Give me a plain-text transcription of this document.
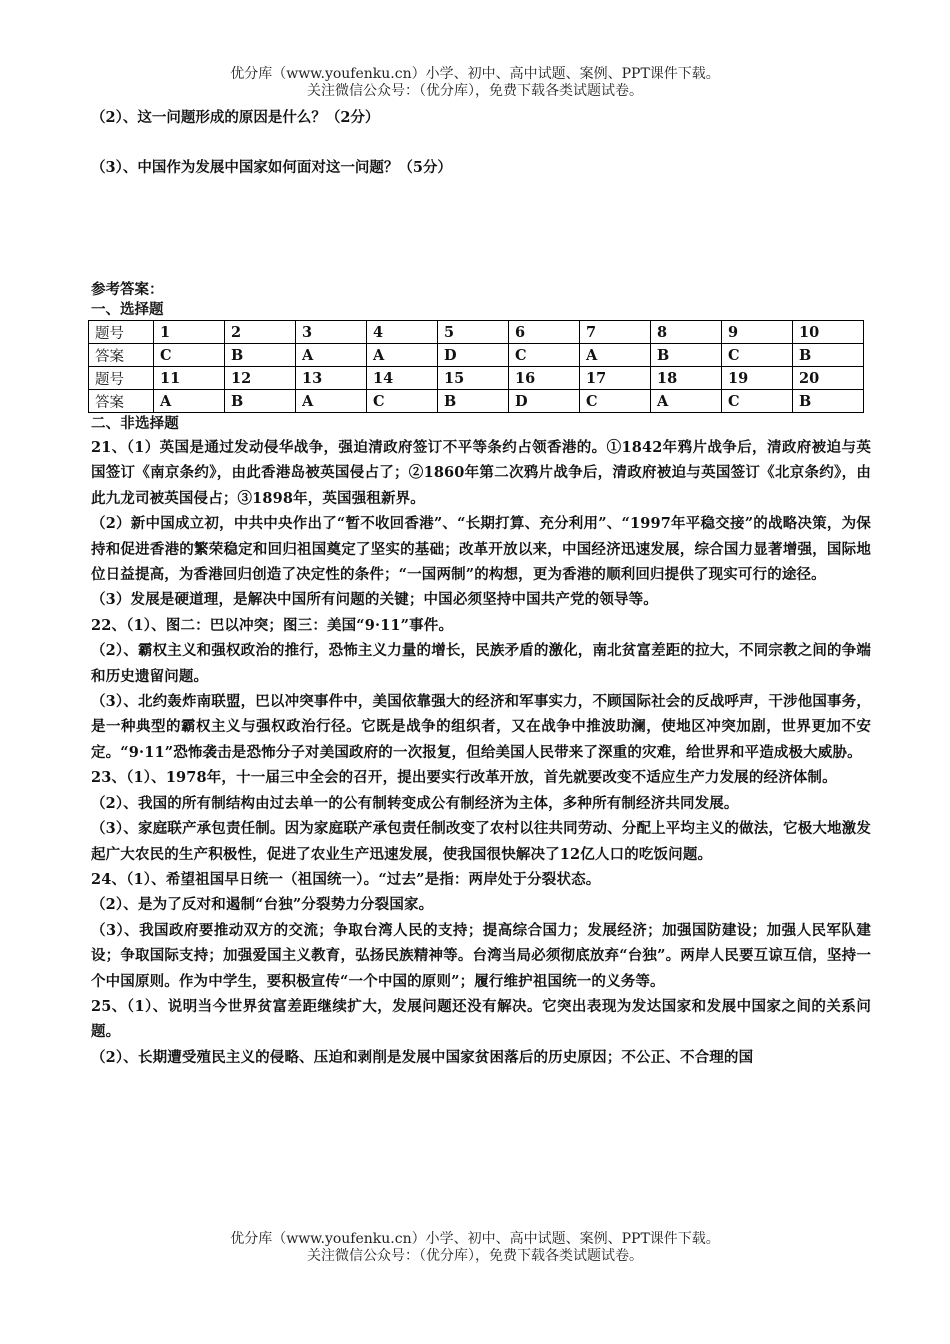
优分库（www.youfenku.cn）小学、初中、高中试题、案例、PPT课件下载。
关注微信公众号：（优分库），免费下载各类试题试卷。
（2）、这一问题形成的原因是什么？（2分）
（3）、中国作为发展中国家如何面对这一问题？（5分）
参考答案：
一、选择题
题号	1	2	3	4	5	6	7	8	9	10
答案	C	B	A	A	D	C	A	B	C	B
题号	11	12	13	14	15	16	17	18	19	20
答案	A	B	A	C	B	D	C	A	C	B

二、非选择题

21、（1）英国是通过发动侵华战争，强迫清政府签订不平等条约占领香港的。①1842年鸦片战争后，清政府被迫与英国签订《南京条约》，由此香港岛被英国侵占了；②1860年第二次鸦片战争后，清政府被迫与英国签订《北京条约》，由此九龙司被英国侵占；③1898年，英国强租新界。

（2）新中国成立初，中共中央作出了“暂不收回香港”、“长期打算、充分利用”、“1997年平稳交接”的战略决策，为保持和促进香港的繁荣稳定和回归祖国奠定了坚实的基础；改革开放以来，中国经济迅速发展，综合国力显著增强，国际地位日益提高，为香港回归创造了决定性的条件；“一国两制”的构想，更为香港的顺利回归提供了现实可行的途径。

（3）发展是硬道理，是解决中国所有问题的关键；中国必须坚持中国共产党的领导等。

22、（1）、图二：巴以冲突；图三：美国“9·11”事件。

（2）、霸权主义和强权政治的推行，恐怖主义力量的增长，民族矛盾的激化，南北贫富差距的拉大，不同宗教之间的争端和历史遗留问题。

（3）、北约轰炸南联盟，巴以冲突事件中，美国依靠强大的经济和军事实力，不顾国际社会的反战呼声，干涉他国事务，是一种典型的霸权主义与强权政治行径。它既是战争的组织者，又在战争中推波助澜，使地区冲突加剧，世界更加不安定。“9·11”恐怖袭击是恐怖分子对美国政府的一次报复，但给美国人民带来了深重的灾难，给世界和平造成极大威胁。

23、（1）、1978年，十一届三中全会的召开，提出要实行改革开放，首先就要改变不适应生产力发展的经济体制。

（2）、我国的所有制结构由过去单一的公有制转变成公有制经济为主体，多种所有制经济共同发展。

（3）、家庭联产承包责任制。因为家庭联产承包责任制改变了农村以往共同劳动、分配上平均主义的做法，它极大地激发起广大农民的生产积极性，促进了农业生产迅速发展，使我国很快解决了12亿人口的吃饭问题。

24、（1）、希望祖国早日统一（祖国统一）。“过去”是指：两岸处于分裂状态。

（2）、是为了反对和遏制“台独”分裂势力分裂国家。

（3）、我国政府要推动双方的交流；争取台湾人民的支持；提高综合国力；发展经济；加强国防建设；加强人民军队建设；争取国际支持；加强爱国主义教育，弘扬民族精神等。台湾当局必须彻底放弃“台独”。两岸人民要互谅互信，坚持一个中国原则。作为中学生，要积极宣传“一个中国的原则”；履行维护祖国统一的义务等。

25、（1）、说明当今世界贫富差距继续扩大，发展问题还没有解决。它突出表现为发达国家和发展中国家之间的关系问题。

（2）、长期遭受殖民主义的侵略、压迫和剥削是发展中国家贫困落后的历史原因；不公正、不合理的国

优分库（www.youfenku.cn）小学、初中、高中试题、案例、PPT课件下载。
关注微信公众号：（优分库），免费下载各类试题试卷。
